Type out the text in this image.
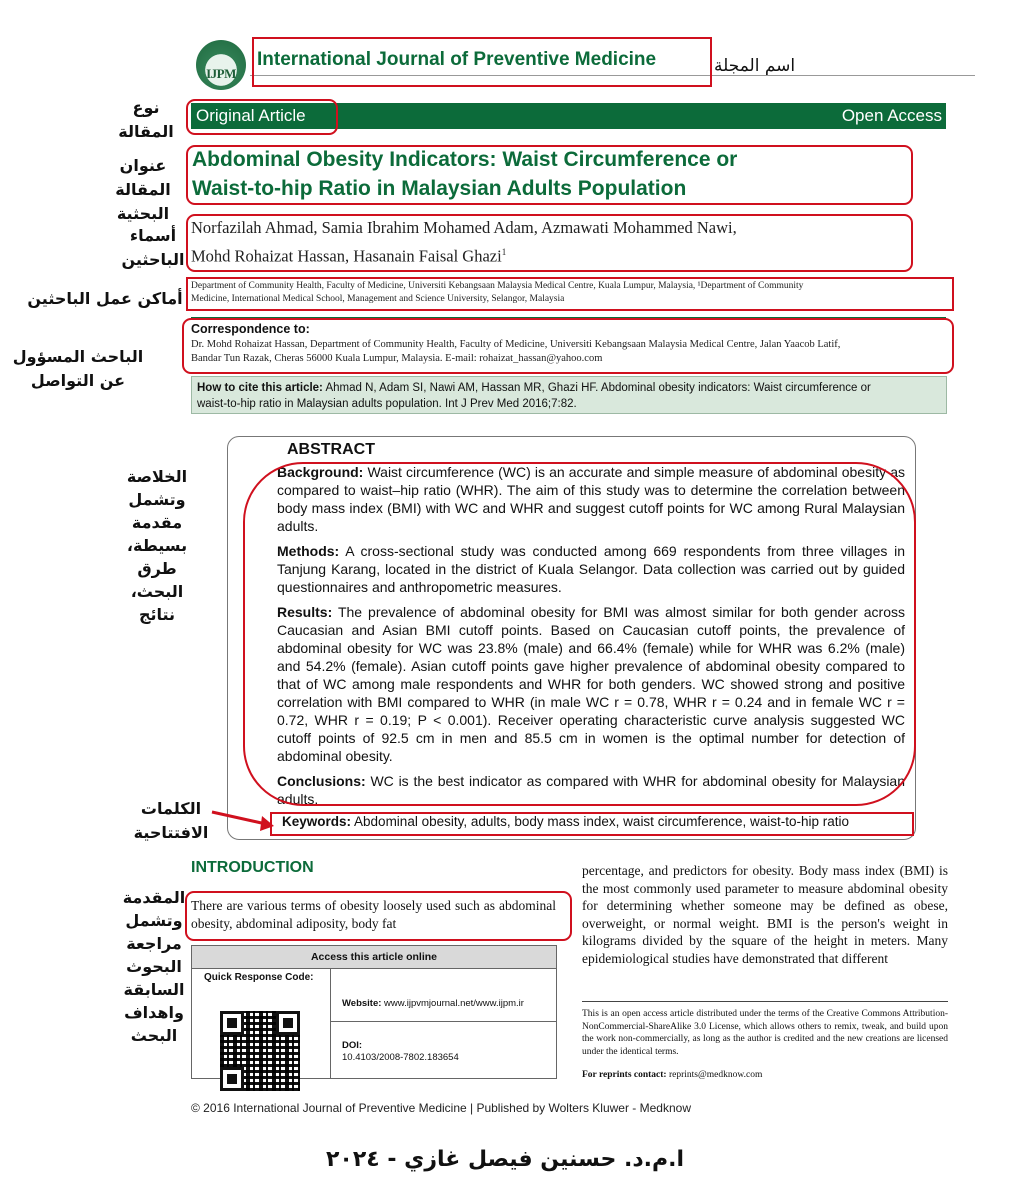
IJPM
International Journal of Preventive Medicine	اسم المجلة
Original Article	Open Access
Abdominal Obesity Indicators: Waist Circumference or
Waist-to-hip Ratio in Malaysian Adults Population
Norfazilah Ahmad, Samia Ibrahim Mohamed Adam, Azmawati Mohammed Nawi,
Mohd Rohaizat Hassan, Hasanain Faisal Ghazi$^1$
Department of Community Health, Faculty of Medicine, Universiti Kebangsaan Malaysia Medical Centre, Kuala Lumpur, Malaysia, ¹Department of Community
Medicine, International Medical School, Management and Science University, Selangor, Malaysia
Correspondence to:
Dr. Mohd Rohaizat Hassan, Department of Community Health, Faculty of Medicine, Universiti Kebangsaan Malaysia Medical Centre, Jalan Yaacob Latif,
Bandar Tun Razak, Cheras 56000 Kuala Lumpur, Malaysia. E-mail: rohaizat_hassan@yahoo.com
How to cite this article: Ahmad N, Adam SI, Nawi AM, Hassan MR, Ghazi HF. Abdominal obesity indicators: Waist circumference or
waist-to-hip ratio in Malaysian adults population. Int J Prev Med 2016;7:82.
ABSTRACT

Background: Waist circumference (WC) is an accurate and simple measure of abdominal obesity as compared to waist–hip ratio (WHR). The aim of this study was to determine the correlation between body mass index (BMI) with WC and WHR and suggest cutoff points for WC among Rural Malaysian adults.

Methods: A cross-sectional study was conducted among 669 respondents from three villages in Tanjung Karang, located in the district of Kuala Selangor. Data collection was carried out by guided questionnaires and anthropometric measures.

Results: The prevalence of abdominal obesity for BMI was almost similar for both gender across Caucasian and Asian BMI cutoff points. Based on Caucasian cutoff points, the prevalence of abdominal obesity for WC was 23.8% (male) and 66.4% (female) while for WHR was 6.2% (male) and 54.2% (female). Asian cutoff points gave higher prevalence of abdominal obesity compared to that of WC among male respondents and WHR for both genders. WC showed strong and positive correlation with BMI compared to WHR (in male WC r = 0.78, WHR r = 0.24 and in female WC r = 0.72, WHR r = 0.19; P < 0.001). Receiver operating characteristic curve analysis suggested WC cutoff points of 92.5 cm in men and 85.5 cm in women is the optimal number for detection of abdominal obesity.

Conclusions: WC is the best indicator as compared with WHR for abdominal obesity for Malaysian adults.

Keywords: Abdominal obesity, adults, body mass index, waist circumference, waist-to-hip ratio
INTRODUCTION
There are various terms of obesity loosely used such as abdominal obesity, abdominal adiposity, body fat
percentage, and predictors for obesity. Body mass index (BMI) is the most commonly used parameter to measure abdominal obesity for determining whether someone may be defined as obese, overweight, or normal weight. BMI is the person's weight in kilograms divided by the square of the height in meters. Many epidemiological studies have demonstrated that different
Access this article online
Quick Response Code:
Website: www.ijpvmjournal.net/www.ijpm.ir
DOI:
10.4103/2008-7802.183654
This is an open access article distributed under the terms of the Creative Commons Attribution-NonCommercial-ShareAlike 3.0 License, which allows others to remix, tweak, and build upon the work non-commercially, as long as the author is credited and the new creations are licensed under the identical terms.
For reprints contact: reprints@medknow.com
© 2016 International Journal of Preventive Medicine | Published by Wolters Kluwer - Medknow
ا.م.د. حسنين فيصل غازي - ٢٠٢٤
نوع المقالة
عنوان المقالة البحثية
أسماء الباحثين
أماكن عمل الباحثين
الباحث المسؤول عن التواصل
الخلاصة وتشمل مقدمة بسيطة، طرق البحث، نتائج
الكلمات الافتتاحية
المقدمة وتشمل مراجعة البحوث السابقة واهداف البحث
